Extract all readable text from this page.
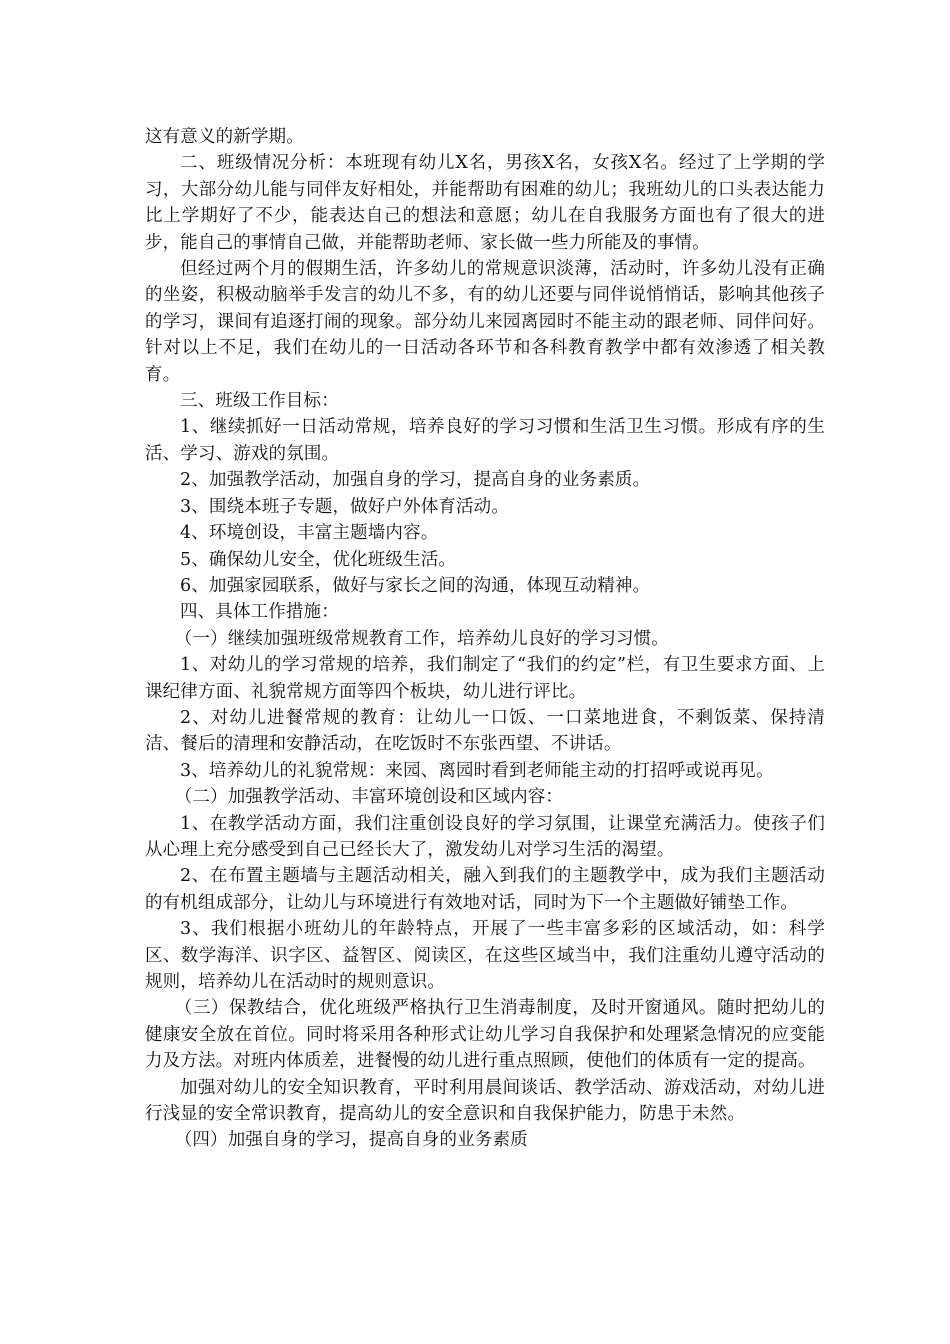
这有意义的新学期。

二、班级情况分析：本班现有幼儿X名，男孩X名，女孩X名。经过了上学期的学习，大部分幼儿能与同伴友好相处，并能帮助有困难的幼儿；我班幼儿的口头表达能力比上学期好了不少，能表达自己的想法和意愿；幼儿在自我服务方面也有了很大的进步，能自己的事情自己做，并能帮助老师、家长做一些力所能及的事情。

但经过两个月的假期生活，许多幼儿的常规意识淡薄，活动时，许多幼儿没有正确的坐姿，积极动脑举手发言的幼儿不多，有的幼儿还要与同伴说悄悄话，影响其他孩子的学习，课间有追逐打闹的现象。部分幼儿来园离园时不能主动的跟老师、同伴问好。针对以上不足，我们在幼儿的一日活动各环节和各科教育教学中都有效渗透了相关教育。

三、班级工作目标：

1、继续抓好一日活动常规，培养良好的学习习惯和生活卫生习惯。形成有序的生活、学习、游戏的氛围。

2、加强教学活动，加强自身的学习，提高自身的业务素质。

3、围绕本班子专题，做好户外体育活动。

4、环境创设，丰富主题墙内容。

5、确保幼儿安全，优化班级生活。

6、加强家园联系，做好与家长之间的沟通，体现互动精神。

四、具体工作措施：

（一）继续加强班级常规教育工作，培养幼儿良好的学习习惯。

1、对幼儿的学习常规的培养，我们制定了“我们的约定”栏，有卫生要求方面、上课纪律方面、礼貌常规方面等四个板块，幼儿进行评比。

2、对幼儿进餐常规的教育：让幼儿一口饭、一口菜地进食，不剩饭菜、保持清洁、餐后的清理和安静活动，在吃饭时不东张西望、不讲话。

3、培养幼儿的礼貌常规：来园、离园时看到老师能主动的打招呼或说再见。

（二）加强教学活动、丰富环境创设和区域内容：

1、在教学活动方面，我们注重创设良好的学习氛围，让课堂充满活力。使孩子们从心理上充分感受到自己已经长大了，激发幼儿对学习生活的渴望。

2、在布置主题墙与主题活动相关，融入到我们的主题教学中，成为我们主题活动的有机组成部分，让幼儿与环境进行有效地对话，同时为下一个主题做好铺垫工作。

3、我们根据小班幼儿的年龄特点，开展了一些丰富多彩的区域活动，如：科学区、数学海洋、识字区、益智区、阅读区，在这些区域当中，我们注重幼儿遵守活动的规则，培养幼儿在活动时的规则意识。

（三）保教结合，优化班级严格执行卫生消毒制度，及时开窗通风。随时把幼儿的健康安全放在首位。同时将采用各种形式让幼儿学习自我保护和处理紧急情况的应变能力及方法。对班内体质差，进餐慢的幼儿进行重点照顾，使他们的体质有一定的提高。

加强对幼儿的安全知识教育，平时利用晨间谈话、教学活动、游戏活动，对幼儿进行浅显的安全常识教育，提高幼儿的安全意识和自我保护能力，防患于未然。

（四）加强自身的学习，提高自身的业务素质
